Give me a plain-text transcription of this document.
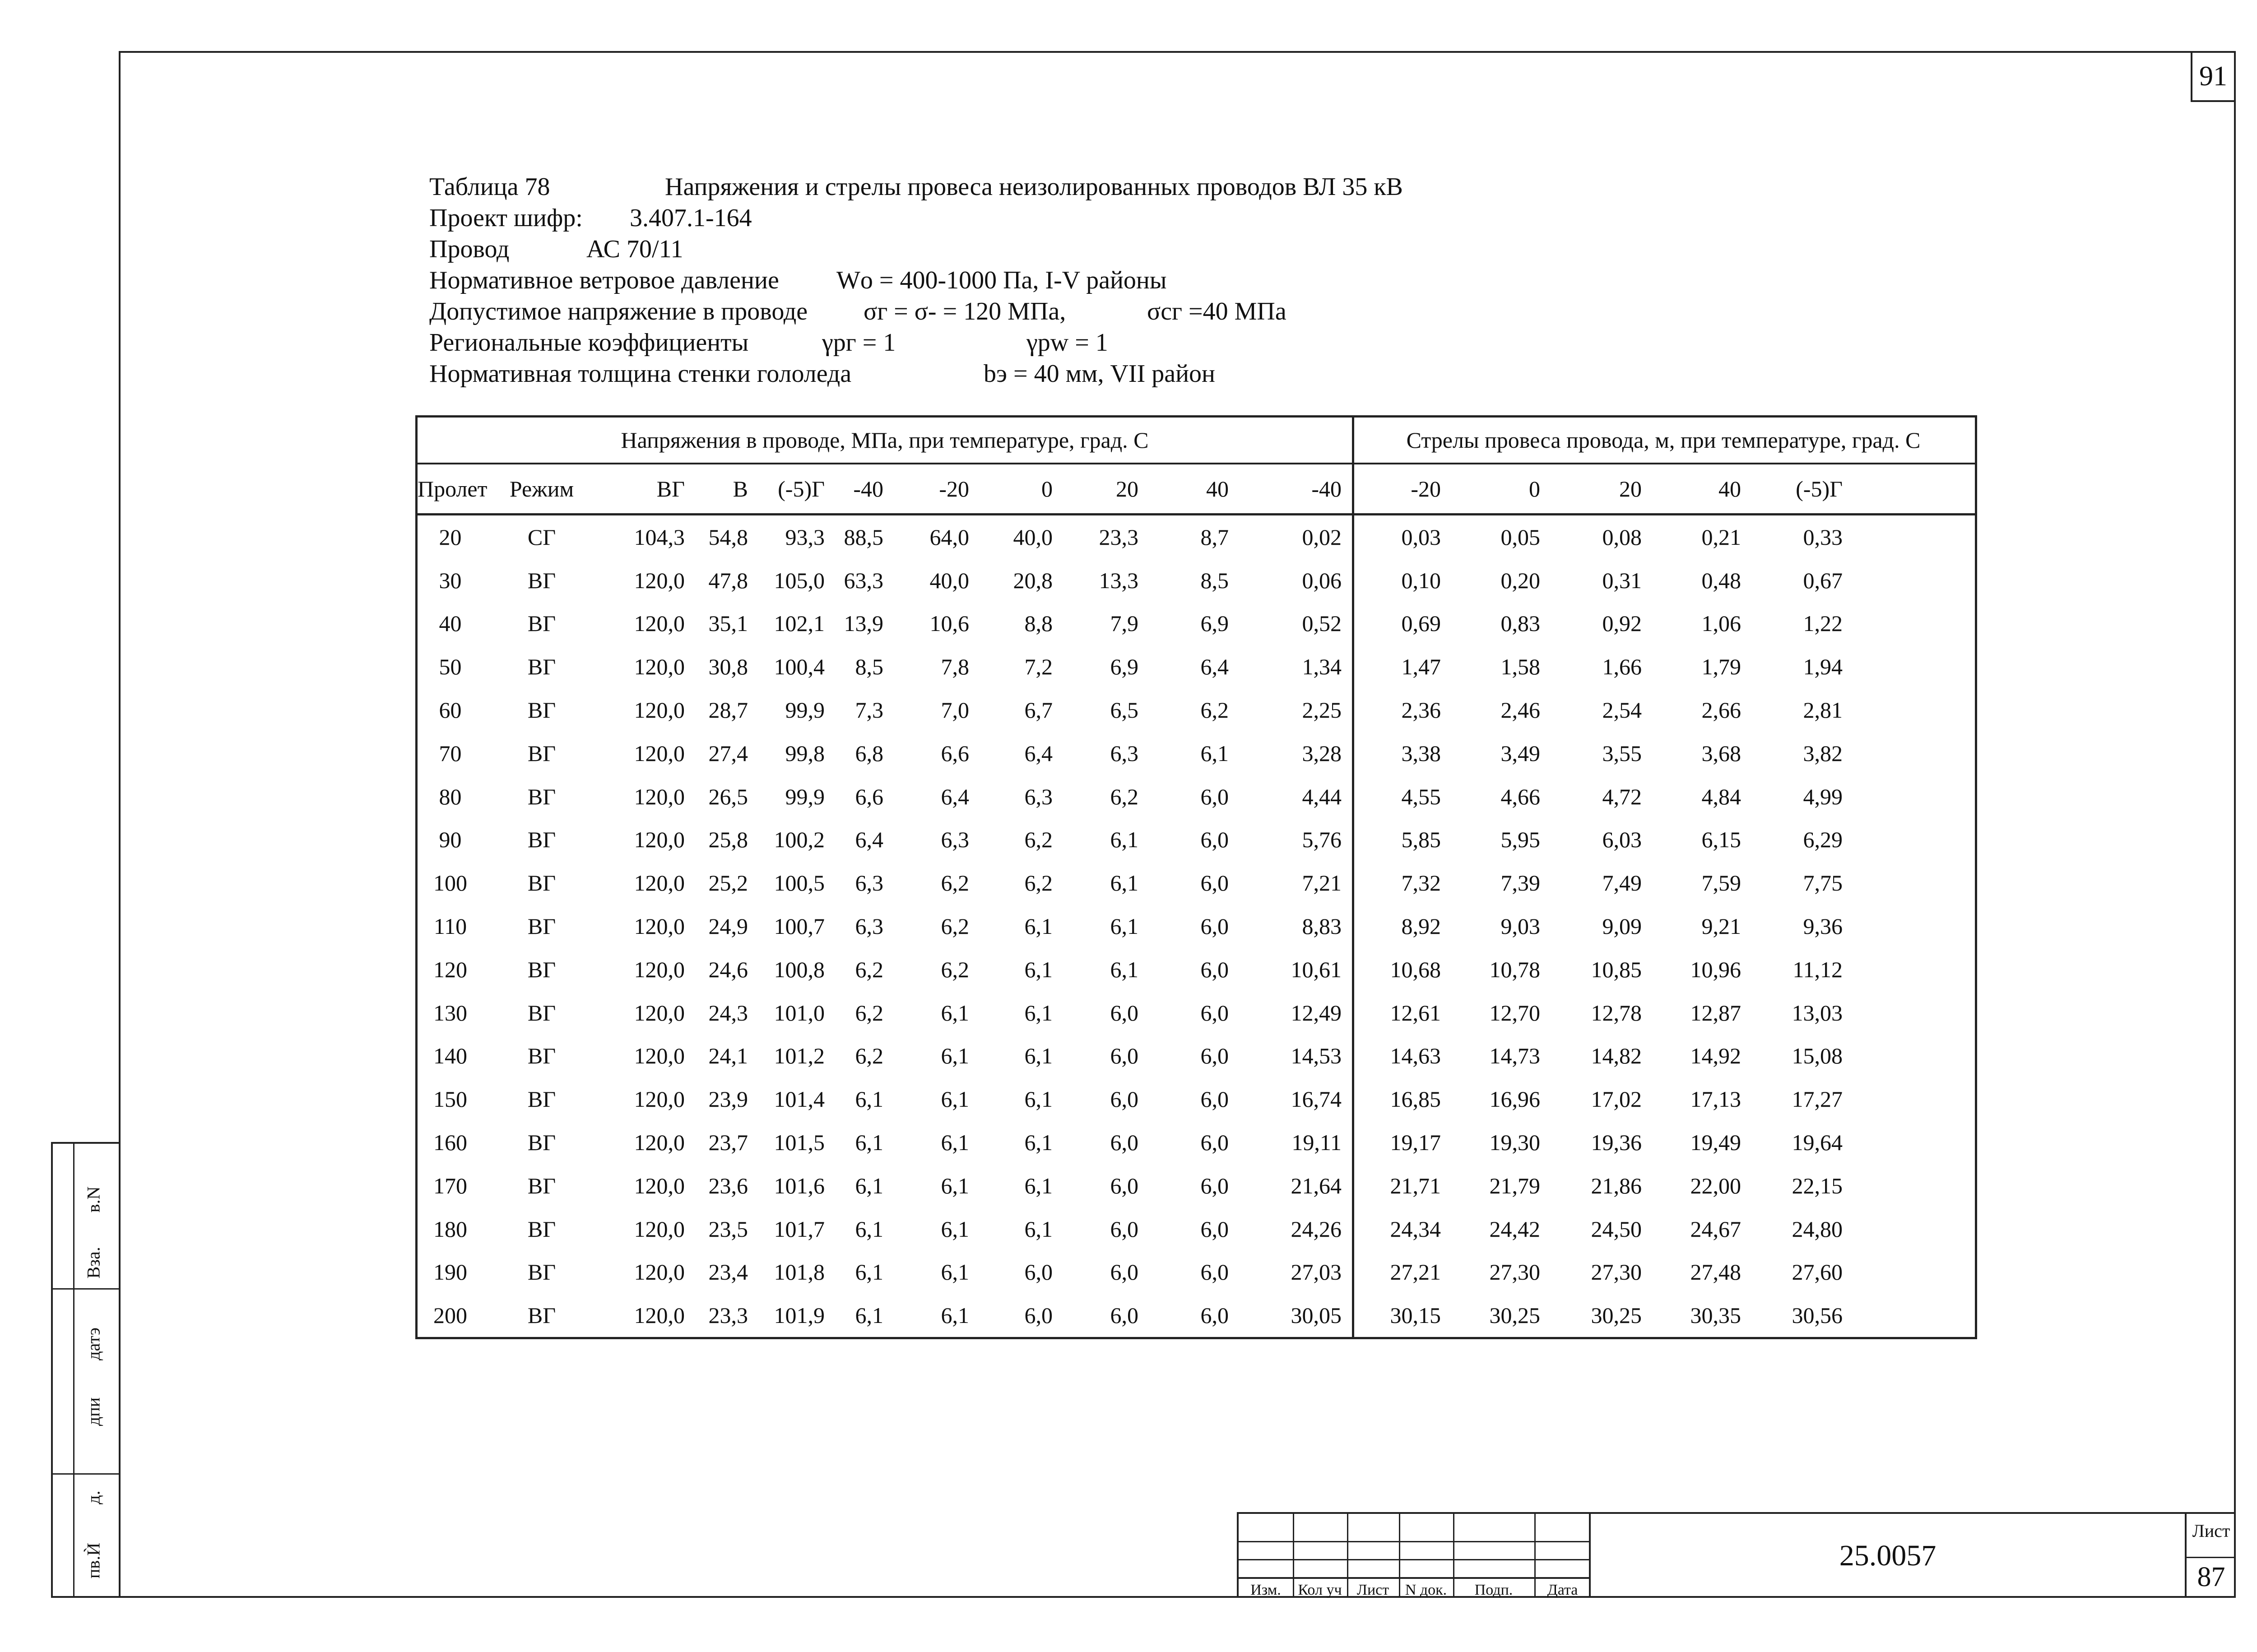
91
Таблица 78	Напряжения и стрелы провеса неизолированных проводов ВЛ 35 кВ
Проект шифр: 3.407.1-164
Провод	АС 70/11
Нормативное ветровое давление Wо = 400-1000 Па, I-V районы
Допустимое напряжение в проводе σг = σ- = 120 МПа,	σсг =40 МПа
Региональные коэффициенты	γpг = 1	γpw = 1
Нормативная толщина стенки гололеда	bэ = 40 мм, VII район
Напряжения в проводе, МПа, при температуре, град. С	Стрелы провеса провода, м, при температуре, град. С
Пролет Режим	ВГ	В	(-5)Г	-40	-20	0	20	40	-40	-20	0	20	40	(-5)Г
20	СГ	104,3	54,8	93,3 88,5	64,0	40,0	23,3	8,7	0,02	0,03	0,05	0,08	0,21	0,33
30	ВГ	120,0	47,8	105,0 63,3	40,0	20,8	13,3	8,5	0,06	0,10	0,20	0,31	0,48	0,67
40	ВГ	120,0	35,1	102,1 13,9	10,6	8,8	7,9	6,9	0,52	0,69	0,83	0,92	1,06	1,22
50	ВГ	120,0	30,8	100,4	8,5	7,8	7,2	6,9	6,4	1,34	1,47	1,58	1,66	1,79	1,94
60	ВГ	120,0	28,7	99,9	7,3	7,0	6,7	6,5	6,2	2,25	2,36	2,46	2,54	2,66	2,81
70	ВГ	120,0	27,4	99,8	6,8	6,6	6,4	6,3	6,1	3,28	3,38	3,49	3,55	3,68	3,82
80	ВГ	120,0	26,5	99,9	6,6	6,4	6,3	6,2	6,0	4,44	4,55	4,66	4,72	4,84	4,99
90	ВГ	120,0	25,8	100,2	6,4	6,3	6,2	6,1	6,0	5,76	5,85	5,95	6,03	6,15	6,29
100	ВГ	120,0	25,2	100,5	6,3	6,2	6,2	6,1	6,0	7,21	7,32	7,39	7,49	7,59	7,75
110	ВГ	120,0	24,9	100,7	6,3	6,2	6,1	6,1	6,0	8,83	8,92	9,03	9,09	9,21	9,36
120	ВГ	120,0	24,6	100,8	6,2	6,2	6,1	6,1	6,0	10,61	10,68	10,78	10,85	10,96	11,12
130	ВГ	120,0	24,3	101,0	6,2	6,1	6,1	6,0	6,0	12,49	12,61	12,70	12,78	12,87	13,03
140	ВГ	120,0	24,1	101,2	6,2	6,1	6,1	6,0	6,0	14,53	14,63	14,73	14,82	14,92	15,08
150	ВГ	120,0	23,9	101,4	6,1	6,1	6,1	6,0	6,0	16,74	16,85	16,96	17,02	17,13	17,27
160	ВГ	120,0	23,7	101,5	6,1	6,1	6,1	6,0	6,0	19,11	19,17	19,30	19,36	19,49	19,64
170	ВГ	120,0	23,6	101,6	6,1	6,1	6,1	6,0	6,0	21,64	21,71	21,79	21,86	22,00	22,15
180	ВГ	120,0	23,5	101,7	6,1	6,1	6,1	6,0	6,0	24,26	24,34	24,42	24,50	24,67	24,80
190	ВГ	120,0	23,4	101,8	6,1	6,1	6,0	6,0	6,0	27,03	27,21	27,30	27,30	27,48	27,60
200	ВГ	120,0	23,3	101,9	6,1	6,1	6,0	6,0	6,0	30,05	30,15	30,25	30,25	30,35	30,56
в.N
Вза.
датэ
дпи
д.
пв.Ѝ
Изм.	Кол уч Лист	N док.	Подп.	Дата
25.0057
Лист
87
